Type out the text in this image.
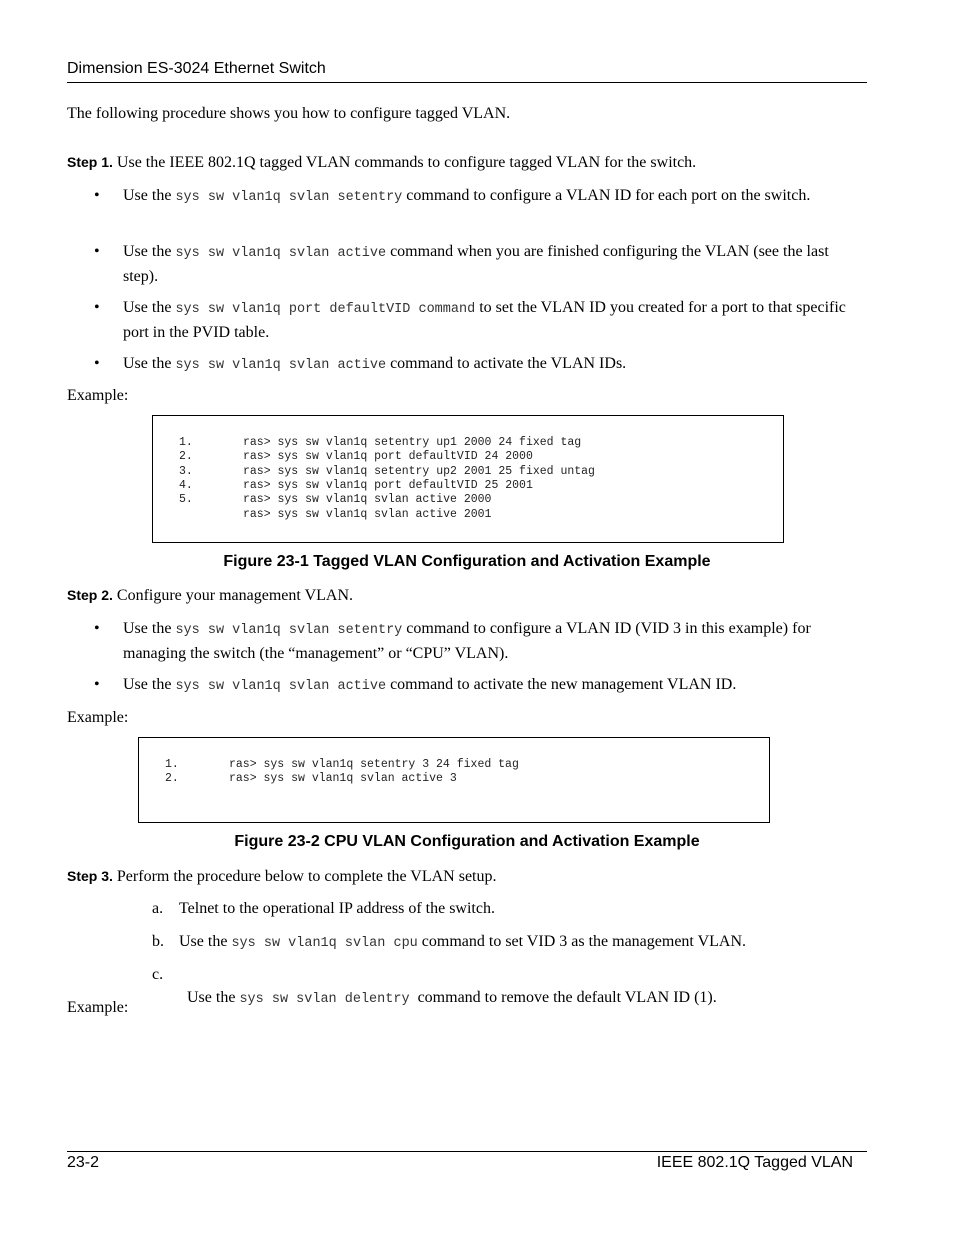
Dimension ES-3024 Ethernet Switch
The following procedure shows you how to configure tagged VLAN.
Step 1. Use the IEEE 802.1Q tagged VLAN commands to configure tagged VLAN for the switch.
• Use the sys sw vlan1q svlan setentry command to configure a VLAN ID for each port on the switch.
• Use the sys sw vlan1q svlan active command when you are finished configuring the VLAN (see the last step).
• Use the sys sw vlan1q port defaultVID command to set the VLAN ID you created for a port to that specific port in the PVID table.
• Use the sys sw vlan1q svlan active command to activate the VLAN IDs.
Example:
1.	ras> sys sw vlan1q setentry up1 2000 24 fixed tag
2.	ras> sys sw vlan1q port defaultVID 24 2000
3.	ras> sys sw vlan1q setentry up2 2001 25 fixed untag
4.	ras> sys sw vlan1q port defaultVID 25 2001
5.	ras> sys sw vlan1q svlan active 2000
ras> sys sw vlan1q svlan active 2001
Figure 23-1 Tagged VLAN Configuration and Activation Example
Step 2. Configure your management VLAN.
• Use the sys sw vlan1q svlan setentry command to configure a VLAN ID (VID 3 in this example) for managing the switch (the “management” or “CPU” VLAN).
• Use the sys sw vlan1q svlan active command to activate the new management VLAN ID.
Example:
1.	ras> sys sw vlan1q setentry 3 24 fixed tag
2.	ras> sys sw vlan1q svlan active 3
Figure 23-2 CPU VLAN Configuration and Activation Example
Step 3. Perform the procedure below to complete the VLAN setup.
a. Telnet to the operational IP address of the switch.
b. Use the sys sw vlan1q svlan cpu command to set VID 3 as the management VLAN.
c.

Use the sys sw svlan delentry  command to remove the default VLAN ID (1).

Example:
23-2	IEEE 802.1Q Tagged VLAN
